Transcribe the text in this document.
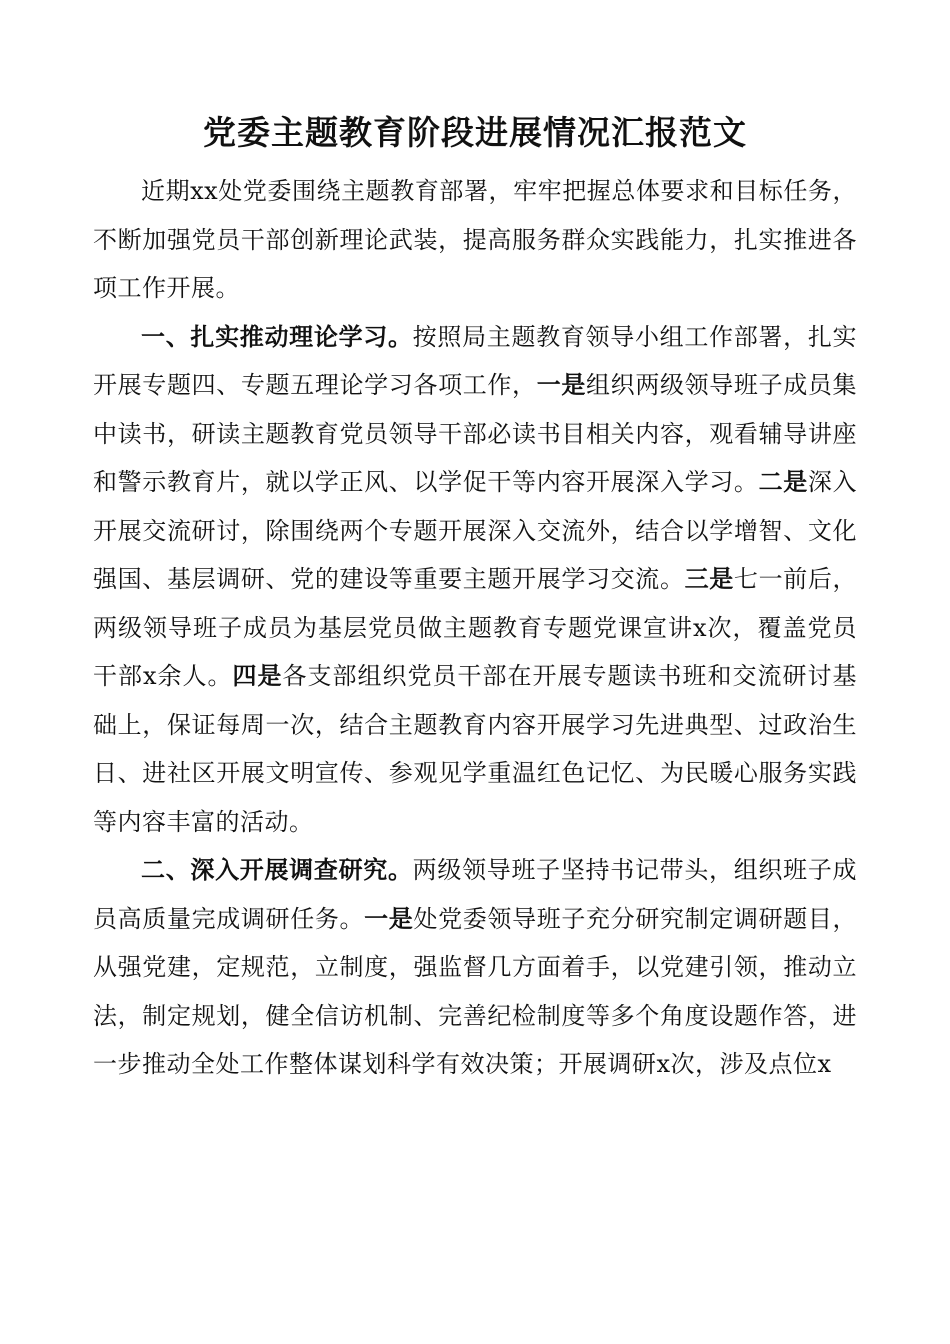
党委主题教育阶段进展情况汇报范文

近期xx处党委围绕主题教育部署，牢牢把握总体要求和目标任务，不断加强党员干部创新理论武装，提高服务群众实践能力，扎实推进各项工作开展。

一、扎实推动理论学习。按照局主题教育领导小组工作部署，扎实开展专题四、专题五理论学习各项工作，一是组织两级领导班子成员集中读书，研读主题教育党员领导干部必读书目相关内容，观看辅导讲座和警示教育片，就以学正风、以学促干等内容开展深入学习。二是深入开展交流研讨，除围绕两个专题开展深入交流外，结合以学增智、文化强国、基层调研、党的建设等重要主题开展学习交流。三是七一前后，两级领导班子成员为基层党员做主题教育专题党课宣讲x次，覆盖党员干部x余人。四是各支部组织党员干部在开展专题读书班和交流研讨基础上，保证每周一次，结合主题教育内容开展学习先进典型、过政治生日、进社区开展文明宣传、参观见学重温红色记忆、为民暖心服务实践等内容丰富的活动。

二、深入开展调查研究。两级领导班子坚持书记带头，组织班子成员高质量完成调研任务。一是处党委领导班子充分研究制定调研题目，从强党建，定规范，立制度，强监督几方面着手，以党建引领，推动立法，制定规划，健全信访机制、完善纪检制度等多个角度设题作答，进一步推动全处工作整体谋划科学有效决策；开展调研x次，涉及点位x
